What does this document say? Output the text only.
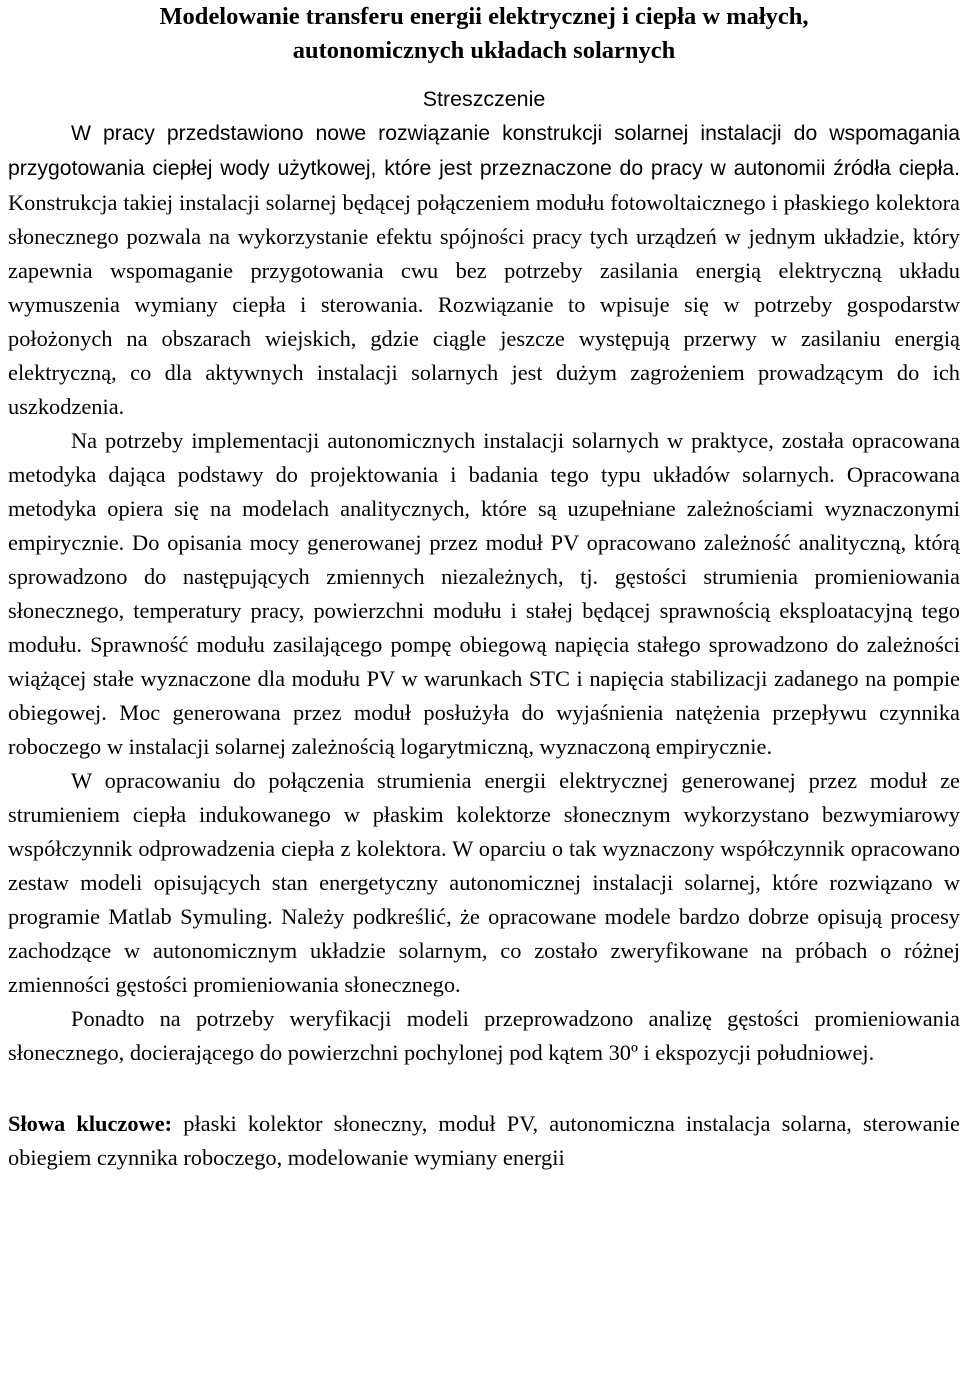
Modelowanie transferu energii elektrycznej i ciepła w małych,
autonomicznych układach solarnych
Streszczenie

W pracy przedstawiono nowe rozwiązanie konstrukcji solarnej instalacji do wspomagania przygotowania ciepłej wody użytkowej, które jest przeznaczone do pracy w autonomii źródła ciepła. Konstrukcja takiej instalacji solarnej będącej połączeniem modułu fotowoltaicznego i płaskiego kolektora słonecznego pozwala na wykorzystanie efektu spójności pracy tych urządzeń w jednym układzie, który zapewnia wspomaganie przygotowania cwu bez potrzeby zasilania energią elektryczną układu wymuszenia wymiany ciepła i sterowania. Rozwiązanie to wpisuje się w potrzeby gospodarstw położonych na obszarach wiejskich, gdzie ciągle jeszcze występują przerwy w zasilaniu energią elektryczną, co dla aktywnych instalacji solarnych jest dużym zagrożeniem prowadzącym do ich uszkodzenia.

Na potrzeby implementacji autonomicznych instalacji solarnych w praktyce, została opracowana metodyka dająca podstawy do projektowania i badania tego typu układów solarnych. Opracowana metodyka opiera się na modelach analitycznych, które są uzupełniane zależnościami wyznaczonymi empirycznie. Do opisania mocy generowanej przez moduł PV opracowano zależność analityczną, którą sprowadzono do następujących zmiennych niezależnych, tj. gęstości strumienia promieniowania słonecznego, temperatury pracy, powierzchni modułu i stałej będącej sprawnością eksploatacyjną tego modułu. Sprawność modułu zasilającego pompę obiegową napięcia stałego sprowadzono do zależności wiążącej stałe wyznaczone dla modułu PV w warunkach STC i napięcia stabilizacji zadanego na pompie obiegowej. Moc generowana przez moduł posłużyła do wyjaśnienia natężenia przepływu czynnika roboczego w instalacji solarnej zależnością logarytmiczną, wyznaczoną empirycznie.

W opracowaniu do połączenia strumienia energii elektrycznej generowanej przez moduł ze strumieniem ciepła indukowanego w płaskim kolektorze słonecznym wykorzystano bezwymiarowy współczynnik odprowadzenia ciepła z kolektora. W oparciu o tak wyznaczony współczynnik opracowano zestaw modeli opisujących stan energetyczny autonomicznej instalacji solarnej, które rozwiązano w programie Matlab Symuling. Należy podkreślić, że opracowane modele bardzo dobrze opisują procesy zachodzące w autonomicznym układzie solarnym, co zostało zweryfikowane na próbach o różnej zmienności gęstości promieniowania słonecznego.

Ponadto na potrzeby weryfikacji modeli przeprowadzono analizę gęstości promieniowania słonecznego, docierającego do powierzchni pochylonej pod kątem 30º i ekspozycji południowej.

Słowa kluczowe: płaski kolektor słoneczny, moduł PV, autonomiczna instalacja solarna, sterowanie obiegiem czynnika roboczego, modelowanie wymiany energii
